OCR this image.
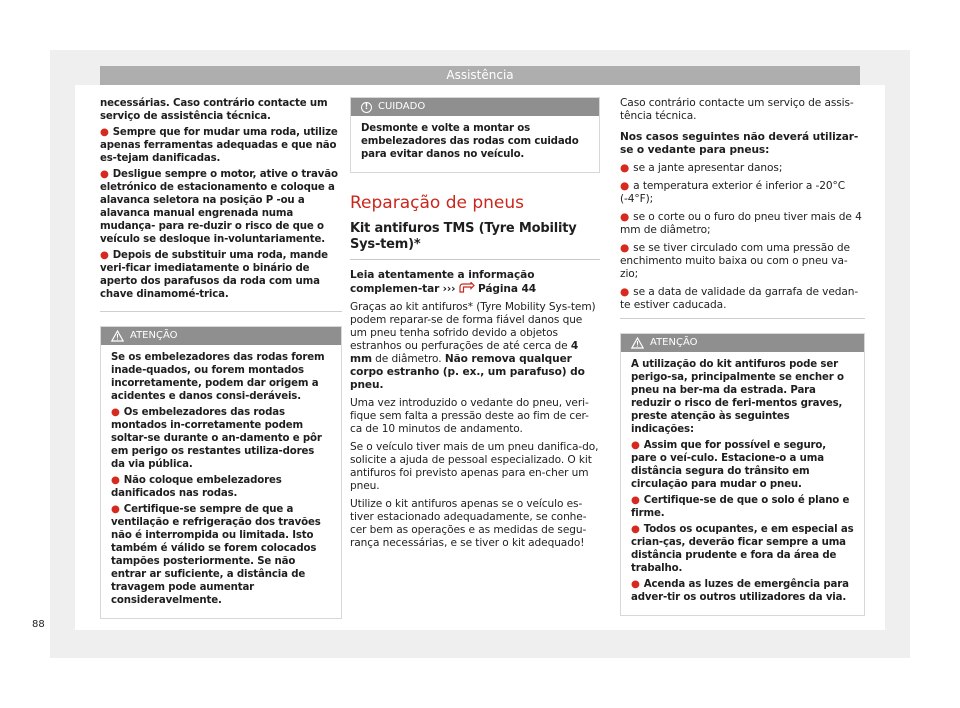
Assistência

necessárias. Caso contrário contacte um serviço de assistência técnica.

● Sempre que for mudar uma roda, utilize apenas ferramentas adequadas e que não es-tejam danificadas.

● Desligue sempre o motor, ative o travão eletrónico de estacionamento e coloque a alavanca seletora na posição P -ou a alavanca manual engrenada numa mudança- para re-duzir o risco de que o veículo se desloque in-voluntariamente.

● Depois de substituir uma roda, mande veri-ficar imediatamente o binário de aperto dos parafusos da roda com uma chave dinamomé-trica.

ATENÇÃO

Se os embelezadores das rodas forem inade-quados, ou forem montados incorretamente, podem dar origem a acidentes e danos consi-deráveis.

● Os embelezadores das rodas montados in-corretamente podem soltar-se durante o an-damento e pôr em perigo os restantes utiliza-dores da via pública.

● Não coloque embelezadores danificados nas rodas.

● Certifique-se sempre de que a ventilação e refrigeração dos travões não é interrompida ou limitada. Isto também é válido se forem colocados tampões posteriormente. Se não entrar ar suficiente, a distância de travagem pode aumentar consideravelmente.

! CUIDADO

Desmonte e volte a montar os embelezadores das rodas com cuidado para evitar danos no veículo.

Reparação de pneus
Kit antifuros TMS (Tyre Mobility Sys-tem)*

Leia atentamente a informação complemen-tar ››› Página 44

Graças ao kit antifuros* (Tyre Mobility Sys-tem) podem reparar-se de forma fiável danos que um pneu tenha sofrido devido a objetos estranhos ou perfurações de até cerca de 4 mm de diâmetro. Não remova qualquer corpo estranho (p. ex., um parafuso) do pneu.

Uma vez introduzido o vedante do pneu, veri-fique sem falta a pressão deste ao fim de cer-ca de 10 minutos de andamento.

Se o veículo tiver mais de um pneu danifica-do, solicite a ajuda de pessoal especializado. O kit antifuros foi previsto apenas para en-cher um pneu.

Utilize o kit antifuros apenas se o veículo es-tiver estacionado adequadamente, se conhe-cer bem as operações e as medidas de segu-rança necessárias, e se tiver o kit adequado!

Caso contrário contacte um serviço de assis-tência técnica.

Nos casos seguintes não deverá utilizar-se o vedante para pneus:

● se a jante apresentar danos;

● a temperatura exterior é inferior a -20°C (-4°F);

● se o corte ou o furo do pneu tiver mais de 4 mm de diâmetro;

● se se tiver circulado com uma pressão de enchimento muito baixa ou com o pneu va-zio;

● se a data de validade da garrafa de vedan-te estiver caducada.

ATENÇÃO

A utilização do kit antifuros pode ser perigo-sa, principalmente se encher o pneu na ber-ma da estrada. Para reduzir o risco de feri-mentos graves, preste atenção às seguintes indicações:

● Assim que for possível e seguro, pare o veí-culo. Estacione-o a uma distância segura do trânsito em circulação para mudar o pneu.

● Certifique-se de que o solo é plano e firme.

● Todos os ocupantes, e em especial as crian-ças, deverão ficar sempre a uma distância prudente e fora da área de trabalho.

● Acenda as luzes de emergência para adver-tir os outros utilizadores da via.

88
